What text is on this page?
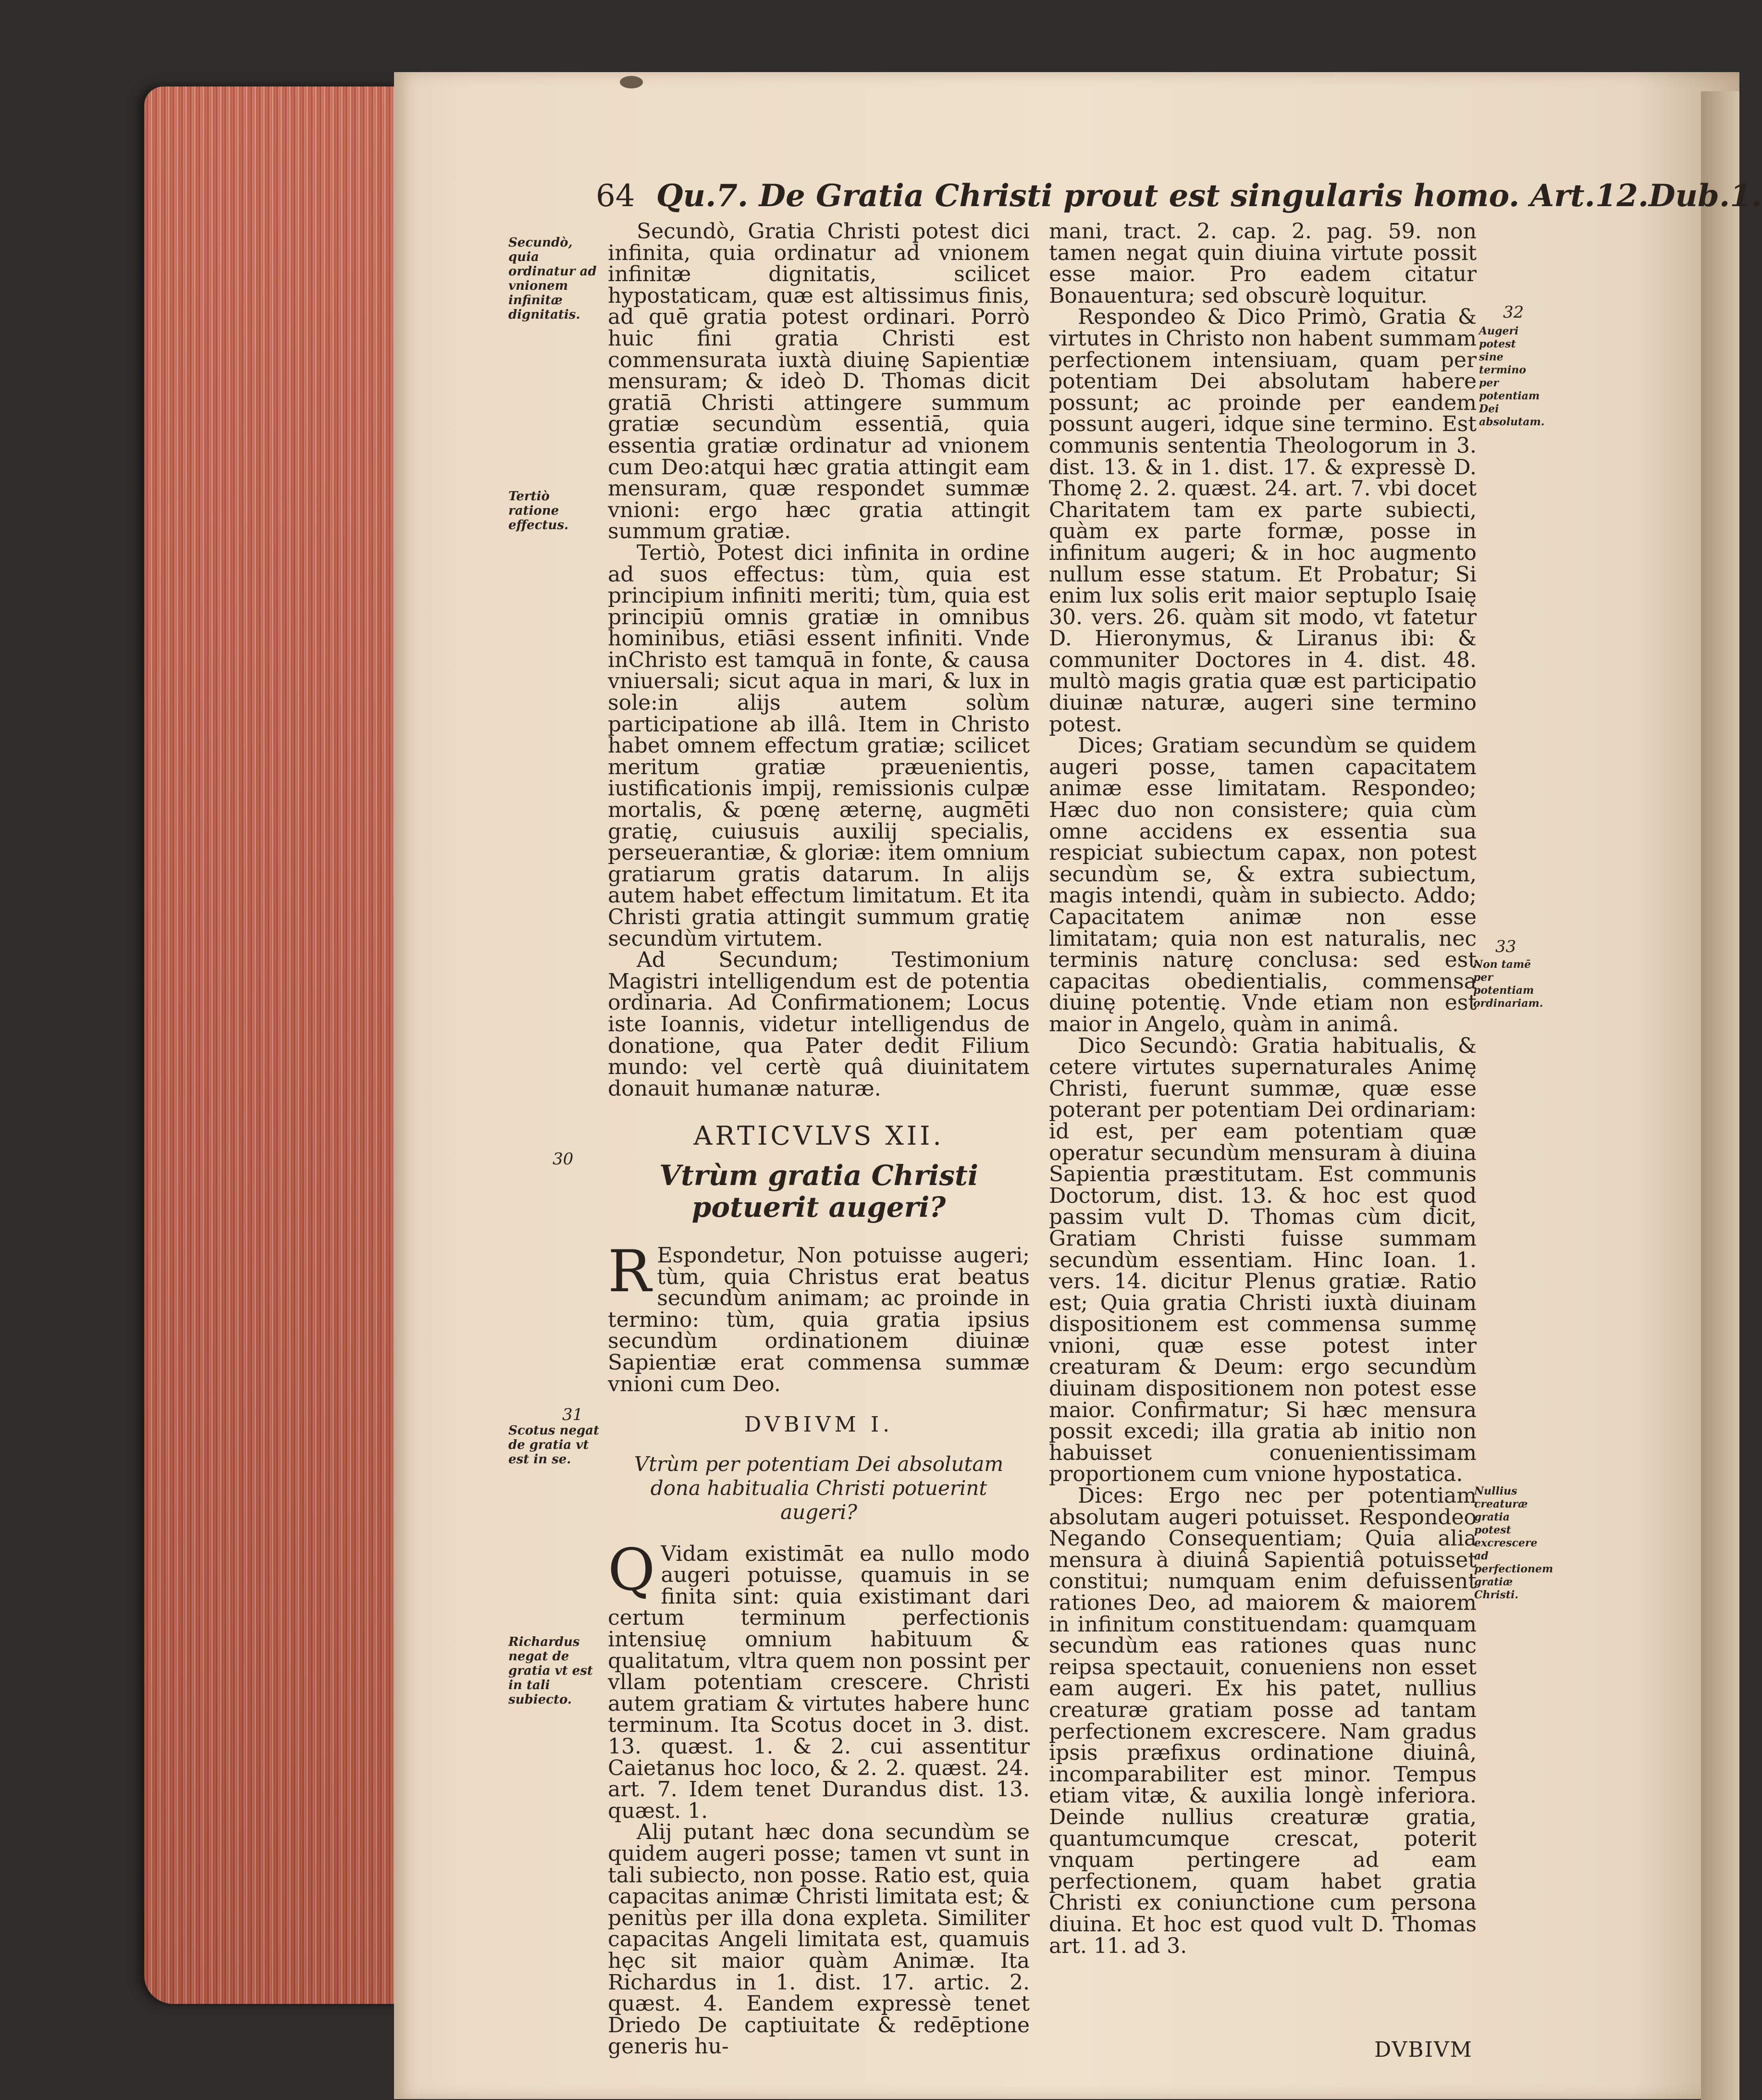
64 Qu.7. De Gratia Christi prout est singularis homo. Art.12.Dub.1.

Secundò, Gratia Christi potest dici infinita, quia ordinatur ad vnionem infinitæ dignitatis, scilicet hypostaticam, quæ est altissimus finis, ad quē gratia potest ordinari. Porrò huic fini gratia Christi est commensurata iuxtà diuinę Sapientiæ mensuram; & ideò D. Thomas dicit gratiā Christi attingere summum gratiæ secundùm essentiā, quia essentia gratiæ ordinatur ad vnionem cum Deo:atqui hæc gratia attingit eam mensuram, quæ respondet summæ vnioni: ergo hæc gratia attingit summum gratiæ.

Tertiò, Potest dici infinita in ordine ad suos effectus: tùm, quia est principium infiniti meriti; tùm, quia est principiū omnis gratiæ in omnibus hominibus, etiāsi essent infiniti. Vnde inChristo est tamquā in fonte, & causa vniuersali; sicut aqua in mari, & lux in sole:in alijs autem solùm participatione ab illâ. Item in Christo habet omnem effectum gratiæ; scilicet meritum gratiæ præuenientis, iustificationis impij, remissionis culpæ mortalis, & pœnę æternę, augmēti gratię, cuiusuis auxilij specialis, perseuerantiæ, & gloriæ: item omnium gratiarum gratis datarum. In alijs autem habet effectum limitatum. Et ita Christi gratia attingit summum gratię secundùm virtutem.

Ad Secundum; Testimonium Magistri intelligendum est de potentia ordinaria. Ad Confirmationem; Locus iste Ioannis, videtur intelligendus de donatione, qua Pater dedit Filium mundo: vel certè quâ diuinitatem donauit humanæ naturæ.

ARTICVLVS XII.
Vtrùm gratia Christi potuerit augeri?

R Espondetur, Non potuisse augeri; tùm, quia Christus erat beatus secundùm animam; ac proinde in termino: tùm, quia gratia ipsius secundùm ordinationem diuinæ Sapientiæ erat commensa summæ vnioni cum Deo.

DVBIVM I.
Vtrùm per potentiam Dei absolutam dona habitualia Christi potuerint augeri?

Q Vidam existimāt ea nullo modo augeri potuisse, quamuis in se finita sint: quia existimant dari certum terminum perfectionis intensiuę omnium habituum & qualitatum, vltra quem non possint per vllam potentiam crescere. Christi autem gratiam & virtutes habere hunc terminum. Ita Scotus docet in 3. dist. 13. quæst. 1. & 2. cui assentitur Caietanus hoc loco, & 2. 2. quæst. 24. art. 7. Idem tenet Durandus dist. 13. quæst. 1.

Alij putant hæc dona secundùm se quidem augeri posse; tamen vt sunt in tali subiecto, non posse. Ratio est, quia capacitas animæ Christi limitata est; & penitùs per illa dona expleta. Similiter capacitas Angeli limitata est, quamuis hęc sit maior quàm Animæ. Ita Richardus in 1. dist. 17. artic. 2. quæst. 4. Eandem expressè tenet Driedo De captiuitate & redēptione generis hu-

mani, tract. 2. cap. 2. pag. 59. non tamen negat quin diuina virtute possit esse maior. Pro eadem citatur Bonauentura; sed obscurè loquitur.

Respondeo & Dico Primò, Gratia & virtutes in Christo non habent summam perfectionem intensiuam, quam per potentiam Dei absolutam habere possunt; ac proinde per eandem possunt augeri, idque sine termino. Est communis sententia Theologorum in 3. dist. 13. & in 1. dist. 17. & expressè D. Thomę 2. 2. quæst. 24. art. 7. vbi docet Charitatem tam ex parte subiecti, quàm ex parte formæ, posse in infinitum augeri; & in hoc augmento nullum esse statum. Et Probatur; Si enim lux solis erit maior septuplo Isaię 30. vers. 26. quàm sit modo, vt fatetur D. Hieronymus, & Liranus ibi: & communiter Doctores in 4. dist. 48. multò magis gratia quæ est participatio diuinæ naturæ, augeri sine termino potest.

Dices; Gratiam secundùm se quidem augeri posse, tamen capacitatem animæ esse limitatam. Respondeo; Hæc duo non consistere; quia cùm omne accidens ex essentia sua respiciat subiectum capax, non potest secundùm se, & extra subiectum, magis intendi, quàm in subiecto. Addo; Capacitatem animæ non esse limitatam; quia non est naturalis, nec terminis naturę conclusa: sed est capacitas obedientialis, commensa diuinę potentię. Vnde etiam non est maior in Angelo, quàm in animâ.

Dico Secundò: Gratia habitualis, & cetere virtutes supernaturales Animę Christi, fuerunt summæ, quæ esse poterant per potentiam Dei ordinariam: id est, per eam potentiam quæ operatur secundùm mensuram à diuina Sapientia præstitutam. Est communis Doctorum, dist. 13. & hoc est quod passim vult D. Thomas cùm dicit, Gratiam Christi fuisse summam secundùm essentiam. Hinc Ioan. 1. vers. 14. dicitur Plenus gratiæ. Ratio est; Quia gratia Christi iuxtà diuinam dispositionem est commensa summę vnioni, quæ esse potest inter creaturam & Deum: ergo secundùm diuinam dispositionem non potest esse maior. Confirmatur; Si hæc mensura possit excedi; illa gratia ab initio non habuisset conuenientissimam proportionem cum vnione hypostatica.

Dices: Ergo nec per potentiam absolutam augeri potuisset. Respondeo Negando Consequentiam; Quia alia mensura à diuinâ Sapientiâ potuisset constitui; numquam enim defuissent rationes Deo, ad maiorem & maiorem in infinitum constituendam: quamquam secundùm eas rationes quas nunc reipsa spectauit, conueniens non esset eam augeri. Ex his patet, nullius creaturæ gratiam posse ad tantam perfectionem excrescere. Nam gradus ipsis præfixus ordinatione diuinâ, incomparabiliter est minor. Tempus etiam vitæ, & auxilia longè inferiora. Deinde nullius creaturæ gratia, quantumcumque crescat, poterit vnquam pertingere ad eam perfectionem, quam habet gratia Christi ex coniunctione cum persona diuina. Et hoc est quod vult D. Thomas art. 11. ad 3.

DVBIVM
Secundò, quia ordinatur ad vnionem infinitæ dignitatis.
Tertiò ratione effectus.
30
31
Scotus negat de gratia vt est in se.
Richardus negat de gratia vt est in tali subiecto.
32
Augeri potest sine termino per potentiam Dei absolutam.
33
Non tamē per potentiam ordinariam.
Nullius creaturæ gratia potest excrescere ad perfectionem gratiæ Christi.
